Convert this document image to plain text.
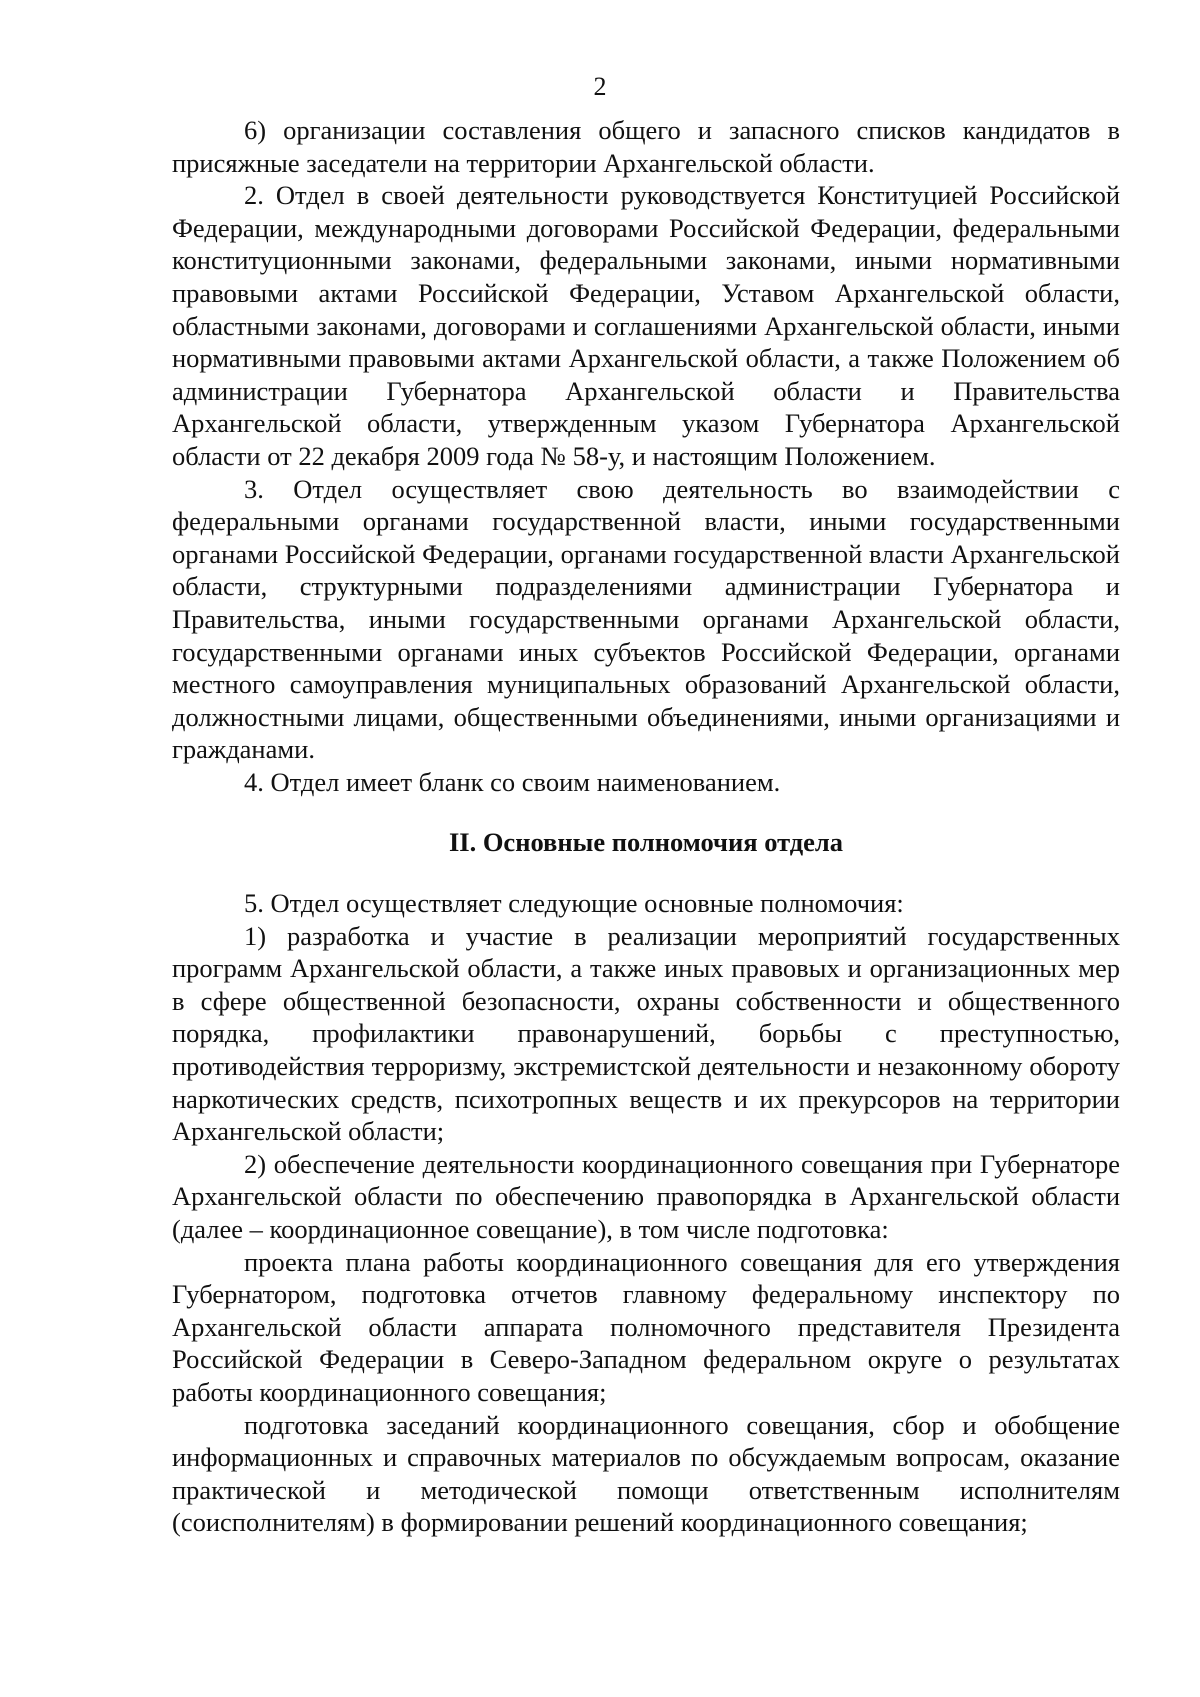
2

6) организации составления общего и запасного списков кандидатов в присяжные заседатели на территории Архангельской области.

2. Отдел в своей деятельности руководствуется Конституцией Российской Федерации, международными договорами Российской Федерации, федеральными конституционными законами, федеральными законами, иными нормативными правовыми актами Российской Федерации, Уставом Архангельской области, областными законами, договорами и соглашениями Архангельской области, иными нормативными правовыми актами Архангельской области, а также Положением об администрации Губернатора Архангельской области и Правительства Архангельской области, утвержденным указом Губернатора Архангельской области от 22 декабря 2009 года № 58-у, и настоящим Положением.

3. Отдел осуществляет свою деятельность во взаимодействии с федеральными органами государственной власти, иными государственными органами Российской Федерации, органами государственной власти Архангельской области, структурными подразделениями администрации Губернатора и Правительства, иными государственными органами Архангельской области, государственными органами иных субъектов Российской Федерации, органами местного самоуправления муниципальных образований Архангельской области, должностными лицами, общественными объединениями, иными организациями и гражданами.

4. Отдел имеет бланк со своим наименованием.

II. Основные полномочия отдела

5. Отдел осуществляет следующие основные полномочия:

1) разработка и участие в реализации мероприятий государственных программ Архангельской области, а также иных правовых и организационных мер в сфере общественной безопасности, охраны собственности и общественного порядка, профилактики правонарушений, борьбы с преступностью, противодействия терроризму, экстремистской деятельности и незаконному обороту наркотических средств, психотропных веществ и их прекурсоров на территории Архангельской области;

2) обеспечение деятельности координационного совещания при Губернаторе Архангельской области по обеспечению правопорядка в Архангельской области (далее – координационное совещание), в том числе подготовка:

проекта плана работы координационного совещания для его утверждения Губернатором, подготовка отчетов главному федеральному инспектору по Архангельской области аппарата полномочного представителя Президента Российской Федерации в Северо-Западном федеральном округе о результатах работы координационного совещания;

подготовка заседаний координационного совещания, сбор и обобщение информационных и справочных материалов по обсуждаемым вопросам, оказание практической и методической помощи ответственным исполнителям (соисполнителям) в формировании решений координационного совещания;
